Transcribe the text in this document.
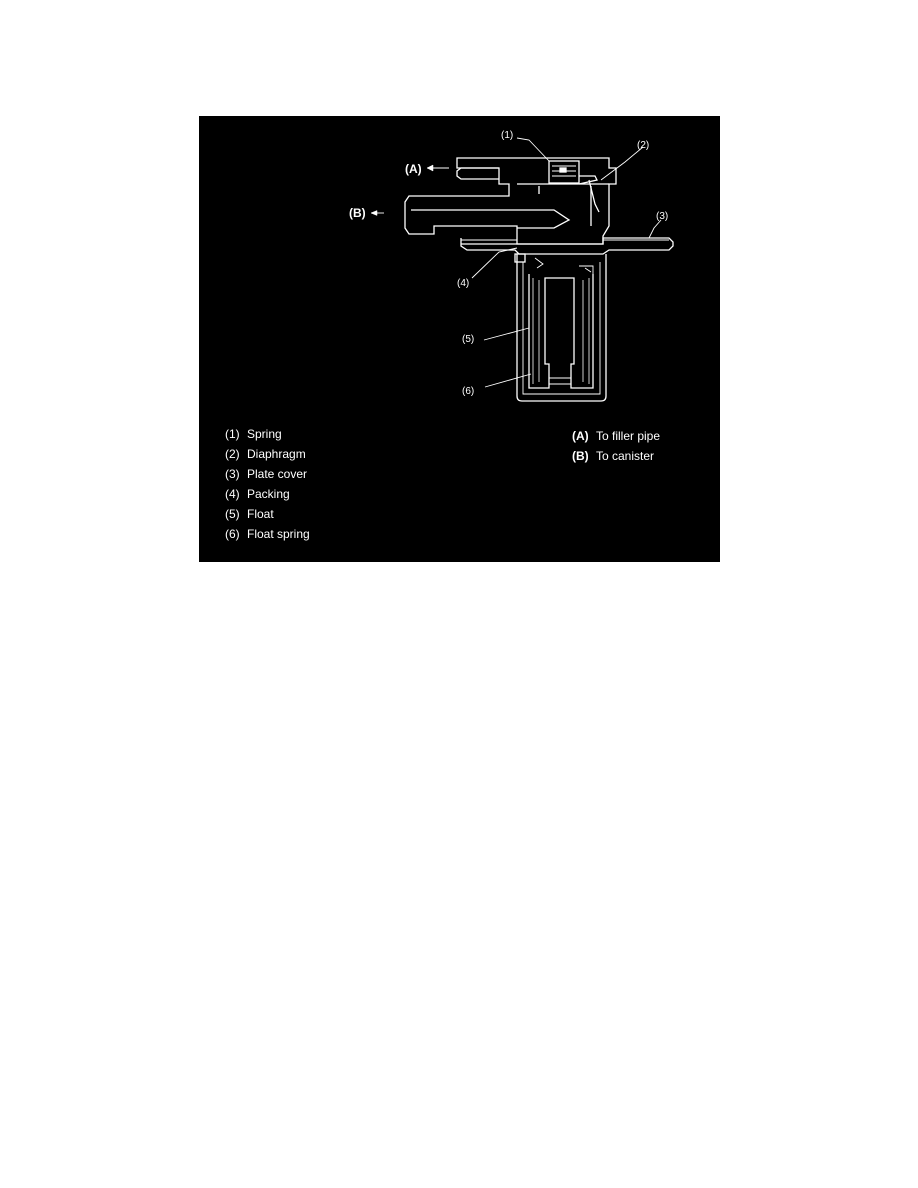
(1)
(2)
(3)
(4)
(5)
(6)
(A)
(B)
(1) Spring
(2) Diaphragm
(3) Plate cover
(4) Packing
(5) Float
(6) Float spring
(A) To filler pipe
(B) To canister
